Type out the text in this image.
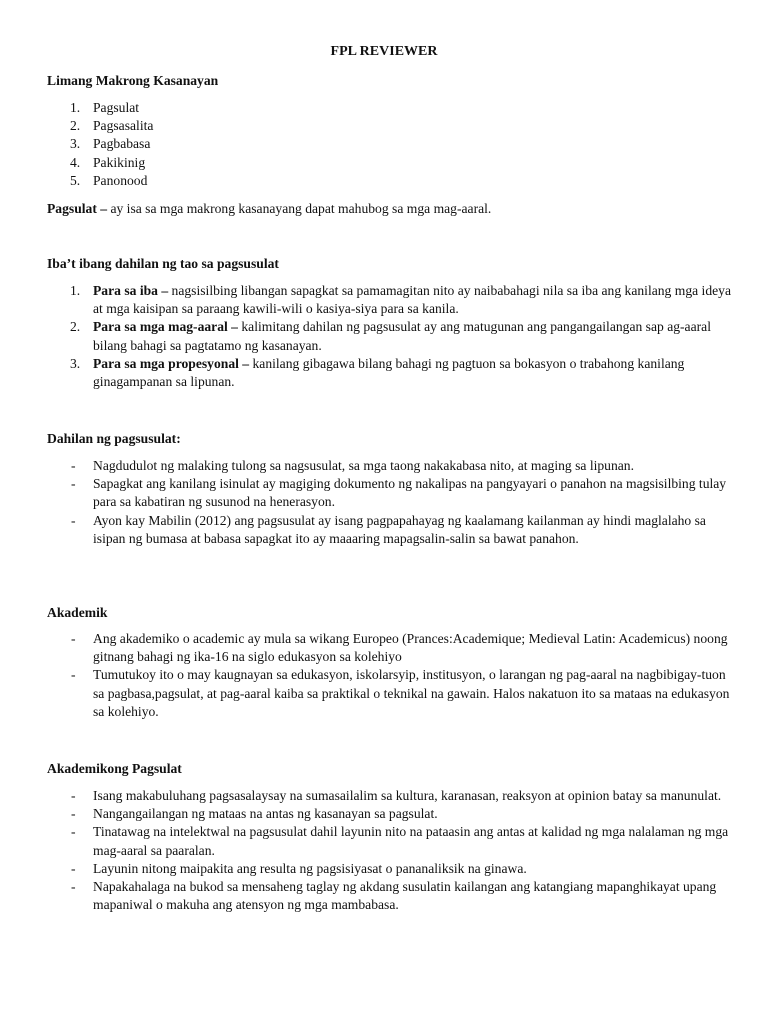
FPL REVIEWER
Limang Makrong Kasanayan
1. Pagsulat
2. Pagsasalita
3. Pagbabasa
4. Pakikinig
5. Panonood
Pagsulat – ay isa sa mga makrong kasanayang dapat mahubog sa mga mag-aaral.
Iba’t ibang dahilan ng tao sa pagsusulat
1. Para sa iba – nagsisilbing libangan sapagkat sa pamamagitan nito ay naibabahagi nila sa iba ang kanilang mga ideya at mga kaisipan sa paraang kawili-wili o kasiya-siya para sa kanila.
2. Para sa mga mag-aaral – kalimitang dahilan ng pagsusulat ay ang matugunan ang pangangailangan sap ag-aaral bilang bahagi sa pagtatamo ng kasanayan.
3. Para sa mga propesyonal – kanilang gibagawa bilang bahagi ng pagtuon sa bokasyon o trabahong kanilang ginagampanan sa lipunan.
Dahilan ng pagsusulat:
- Nagdudulot ng malaking tulong sa nagsusulat, sa mga taong nakakabasa nito, at maging sa lipunan.
- Sapagkat ang kanilang isinulat ay magiging dokumento ng nakalipas na pangyayari o panahon na magsisilbing tulay para sa kabatiran ng susunod na henerasyon.
- Ayon kay Mabilin (2012) ang pagsusulat ay isang pagpapahayag ng kaalamang kailanman ay hindi maglalaho sa isipan ng bumasa at babasa sapagkat ito ay maaaring mapagsalin-salin sa bawat panahon.
Akademik
- Ang akademiko o academic ay mula sa wikang Europeo (Prances:Academique; Medieval Latin: Academicus) noong gitnang bahagi ng ika-16 na siglo edukasyon sa kolehiyo
- Tumutukoy ito o may kaugnayan sa edukasyon, iskolarsyip, institusyon, o larangan ng pag-aaral na nagbibigay-tuon sa pagbasa,pagsulat, at pag-aaral kaiba sa praktikal o teknikal na gawain. Halos nakatuon ito sa mataas na edukasyon sa kolehiyo.
Akademikong Pagsulat
- Isang makabuluhang pagsasalaysay na sumasailalim sa kultura, karanasan, reaksyon at opinion batay sa manunulat.
- Nangangailangan ng mataas na antas ng kasanayan sa pagsulat.
- Tinatawag na intelektwal na pagsusulat dahil layunin nito na pataasin ang antas at kalidad ng mga nalalaman ng mga mag-aaral sa paaralan.
- Layunin nitong maipakita ang resulta ng pagsisiyasat o pananaliksik na ginawa.
- Napakahalaga na bukod sa mensaheng taglay ng akdang susulatin kailangan ang katangiang mapanghikayat upang mapaniwal o makuha ang atensyon ng mga mambabasa.
